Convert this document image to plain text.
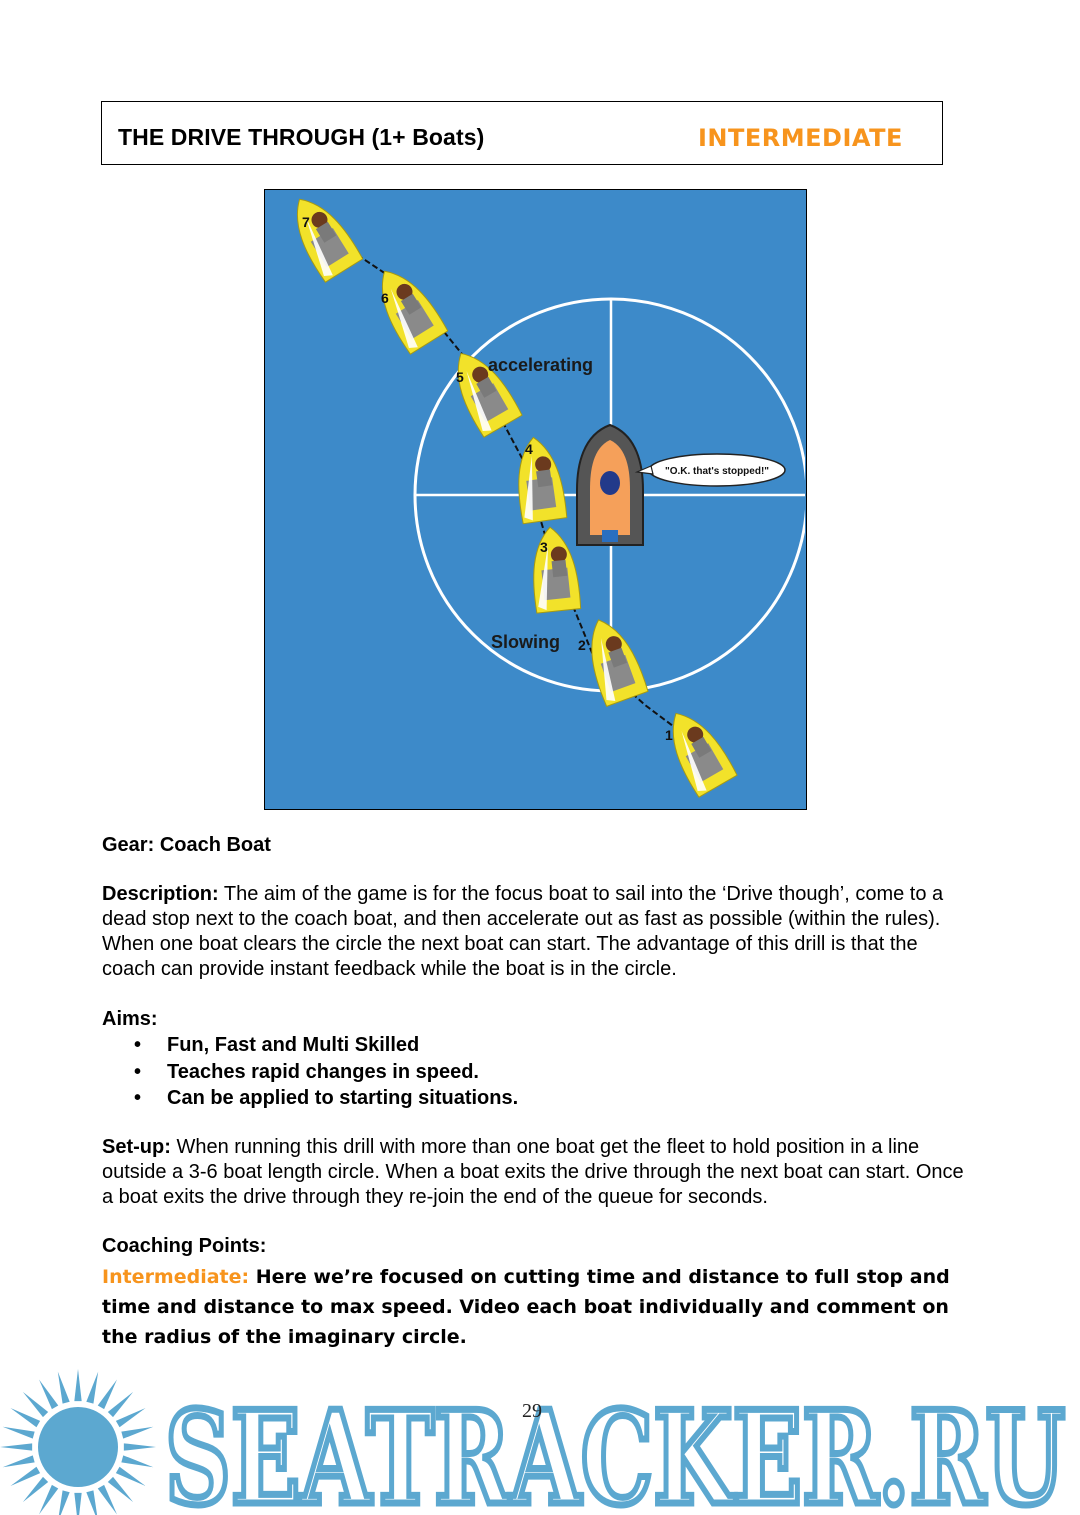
THE DRIVE THROUGH (1+ Boats)	INTERMEDIATE
7
6
5
4
3
2
1
"O.K. that's stopped!"
accelerating
Slowing
Gear: Coach Boat
Description: The aim of the game is for the focus boat to sail into the ‘Drive though’, come to a dead stop next to the coach boat, and then accelerate out as fast as possible (within the rules). When one boat clears the circle the next boat can start. The advantage of this drill is that the coach can provide instant feedback while the boat is in the circle.
Aims:
• Fun, Fast and Multi Skilled
• Teaches rapid changes in speed.
• Can be applied to starting situations.
Set-up: When running this drill with more than one boat get the fleet to hold position in a line outside a 3-6 boat length circle. When a boat exits the drive through the next boat can start. Once a boat exits the drive through they re-join the end of the queue for seconds.
Coaching Points:
Intermediate: Here we’re focused on cutting time and distance to full stop and time and distance to max speed. Video each boat individually and comment on the radius of the imaginary circle.
SEATRACKER.RU
29
